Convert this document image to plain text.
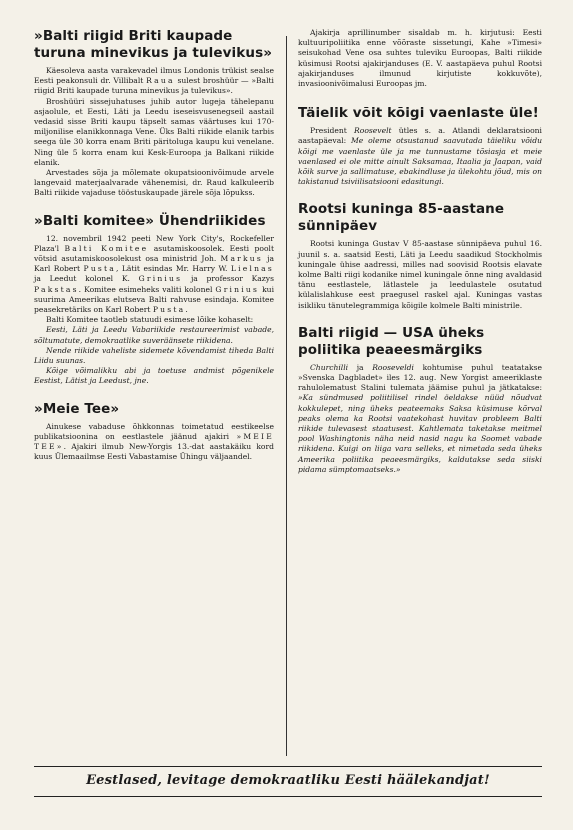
»Balti riigid Briti kaupade turuna minevikus ja tulevikus»

Käesoleva aasta varakevadel ilmus Londonis trükist sealse Eesti peakonsuli dr. Villibalt Raua sulest broshüür — »Balti riigid Briti kaupade turuna minevikus ja tulevikus».

Broshüüri sissejuhatuses juhib autor lugeja tähelepanu asjaolule, et Eesti, Läti ja Leedu iseseisvusenegseil aastail vedasid sisse Briti kaupu täpselt samas väärtuses kui 170-miljonilise elanikkonnaga Vene. Üks Balti riikide elanik tarbis seega üle 30 korra enam Briti päritoluga kaupu kui venelane. Ning üle 5 korra enam kui Kesk-Euroopa ja Balkani riikide elanik.

Arvestades sõja ja mõlemate okupatsioonivõimude arvele langevaid materjaalvarade vähenemisi, dr. Raud kalkuleerib Balti riikide vajaduse tööstuskaupade järele sõja lõpukss.

»Balti komitee» Ühendriikides

12. novembril 1942 peeti New York City's, Rockefeller Plaza'l Balti Komitee asutamiskoosolek. Eesti poolt võtsid asutamiskoosolekust osa ministrid Joh. Markus ja Karl Robert Pusta, Lätit esindas Mr. Harry W. Lielnas ja Leedut kolonel K. Grinius ja professor Kazys Pakstas. Komitee esimeheks valiti kolonel Grinius kui suurima Ameerikas elutseva Balti rahvuse esindaja. Komitee peasekretäriks on Karl Robert Pusta.

Balti Komitee taotleb statuudi esimese lõike kohaselt:

Eesti, Läti ja Leedu Vabariikide restaureerimist vabade, sõltumatute, demokraatlike suveräänsete riikidena.

Nende riikide vaheliste sidemete kõvendamist tiheda Balti Liidu suunas.

Kõige võimalikku abi ja toetuse andmist põgenikele Eestist, Lätist ja Leedust, jne.

»Meie Tee»

Ainukese vabaduse õhkkonnas toimetatud eestikeelse publikatsioonina on eestlastele jäänud ajakiri »MEIE TEE». Ajakiri ilmub New-Yorgis 13.-dat aastakäiku kord kuus Ülemaailmse Eesti Vabastamise Ühingu väljaandel.

Ajakirja aprillinumber sisaldab m. h. kirjutusi: Eesti kultuuripoliitika enne võõraste sissetungi, Kahe »Timesi» seisukohad Vene osa suhtes tuleviku Euroopas, Balti riikide küsimusi Rootsi ajakirjanduses (E. V. aastapäeva puhul Rootsi ajakirjanduses ilmunud kirjutiste kokkuvõte), invasioonivõimalusi Euroopas jm.

Täielik võit kõigi vaenlaste üle!

President Roosevelt ütles s. a. Atlandi deklaratsiooni aastapäeval: Me oleme otsustanud saavutada täieliku võidu kõigi me vaenlaste üle ja me tunnustame tõsiasja et meie vaenlased ei ole mitte ainult Saksamaa, Itaalia ja Jaapan, vaid kõik surve ja sallimatuse, ebakindluse ja ülekohtu jõud, mis on takistanud tsiviilisatsiooni edasitungi.

Rootsi kuninga 85-aastane sünnipäev

Rootsi kuninga Gustav V 85-aastase sünnipäeva puhul 16. juunil s. a. saatsid Eesti, Läti ja Leedu saadikud Stockholmis kuningale ühise aadressi, milles nad soovisid Rootsis elavate kolme Balti riigi kodanike nimel kuningale õnne ning avaldasid tänu eestlastele, lätlastele ja leedulastele osutatud külalislahkuse eest praegusel raskel ajal. Kuningas vastas isikliku tänutelegrammiga kõigile kolmele Balti ministrile.

Balti riigid — USA üheks poliitika peaeesmärgiks

Churchilli ja Rooseveldi kohtumise puhul teatatakse »Svenska Dagbladet» iles 12. aug. New Yorgist ameeriklaste rahulolematust Stalini tulemata jäämise puhul ja jätkatakse: »Ka sündmused poliitilisel rindel öeldakse nüüd nõudvat kokkulepet, ning üheks peateemaks Saksa küsimuse kõrval peaks olema ka Rootsi vaatekohast huvitav probleem Balti riikide tulevasest staatusest. Kahtlemata taketakse meitmel pool Washingtonis näha neid nasid nagu ka Soomet vabade riikidena. Kuigi on liiga vara selleks, et nimetada seda üheks Ameerika poliitika peaeesmärgiks, kaldutakse seda siiski pidama sümptomaatseks.»

Eestlased, levitage demokraatliku Eesti häälekandjat!
